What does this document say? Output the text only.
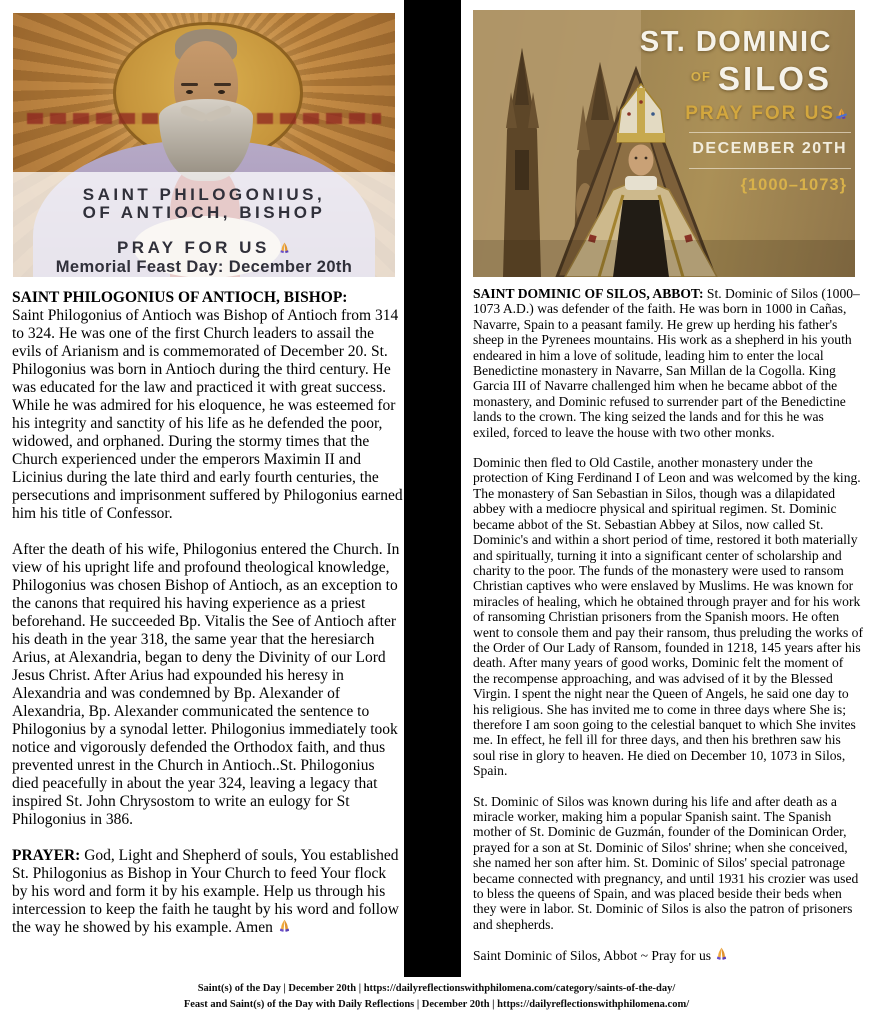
SAINT PHILOGONIUS,
OF ANTIOCH, BISHOP
PRAY FOR US
Memorial Feast Day: December 20th
ST. DOMINIC
$^{OF}$ SILOS
PRAY FOR US
DECEMBER 20TH
{1000–1073}

SAINT PHILOGONIUS OF ANTIOCH, BISHOP:
Saint Philogonius of Antioch was Bishop of Antioch from 314 to 324. He was one of the first Church leaders to assail the evils of Arianism and is commemorated of December 20. St. Philogonius was born in Antioch during the third century. He was educated for the law and practiced it with great success. While he was admired for his eloquence, he was esteemed for his integrity and sanctity of his life as he defended the poor, widowed, and orphaned. During the stormy times that the Church experienced under the emperors Maximin II and Licinius during the late third and early fourth centuries, the persecutions and imprisonment suffered by Philogonius earned him his title of Confessor.

After the death of his wife, Philogonius entered the Church. In view of his upright life and profound theological knowledge, Philogonius was chosen Bishop of Antioch, as an exception to the canons that required his having experience as a priest beforehand. He succeeded Bp. Vitalis the See of Antioch after his death in the year 318, the same year that the heresiarch Arius, at Alexandria, began to deny the Divinity of our Lord Jesus Christ. After Arius had expounded his heresy in Alexandria and was condemned by Bp. Alexander of Alexandria, Bp. Alexander communicated the sentence to Philogonius by a synodal letter. Philogonius immediately took notice and vigorously defended the Orthodox faith, and thus prevented unrest in the Church in Antioch..St. Philogonius died peacefully in about the year 324, leaving a legacy that inspired St. John Chrysostom to write an eulogy for St Philogonius in 386.

PRAYER: God, Light and Shepherd of souls, You established St. Philogonius as Bishop in Your Church to feed Your flock by his word and form it by his example. Help us through his intercession to keep the faith he taught by his word and follow the way he showed by his example. Amen

SAINT DOMINIC OF SILOS, ABBOT: St. Dominic of Silos (1000–1073 A.D.) was defender of the faith. He was born in 1000 in Cañas, Navarre, Spain to a peasant family. He grew up herding his father's sheep in the Pyrenees mountains. His work as a shepherd in his youth endeared in him a love of solitude, leading him to enter the local Benedictine monastery in Navarre, San Millan de la Cogolla. King Garcia III of Navarre challenged him when he became abbot of the monastery, and Dominic refused to surrender part of the Benedictine lands to the crown. The king seized the lands and for this he was exiled, forced to leave the house with two other monks.

Dominic then fled to Old Castile, another monastery under the protection of King Ferdinand I of Leon and was welcomed by the king. The monastery of San Sebastian in Silos, though was a dilapidated abbey with a mediocre physical and spiritual regimen. St. Dominic became abbot of the St. Sebastian Abbey at Silos, now called St. Dominic's and within a short period of time, restored it both materially and spiritually, turning it into a significant center of scholarship and charity to the poor. The funds of the monastery were used to ransom Christian captives who were enslaved by Muslims. He was known for miracles of healing, which he obtained through prayer and for his work of ransoming Christian prisoners from the Spanish moors. He often went to console them and pay their ransom, thus preluding the works of the Order of Our Lady of Ransom, founded in 1218, 145 years after his death. After many years of good works, Dominic felt the moment of the recompense approaching, and was advised of it by the Blessed Virgin. I spent the night near the Queen of Angels, he said one day to his religious. She has invited me to come in three days where She is; therefore I am soon going to the celestial banquet to which She invites me. In effect, he fell ill for three days, and then his brethren saw his soul rise in glory to heaven. He died on December 10, 1073 in Silos, Spain.

St. Dominic of Silos was known during his life and after death as a miracle worker, making him a popular Spanish saint. The Spanish mother of St. Dominic de Guzmán, founder of the Dominican Order, prayed for a son at St. Dominic of Silos' shrine; when she conceived, she named her son after him. St. Dominic of Silos' special patronage became connected with pregnancy, and until 1931 his crozier was used to bless the queens of Spain, and was placed beside their beds when they were in labor. St. Dominic of Silos is also the patron of prisoners and shepherds.

Saint Dominic of Silos, Abbot ~ Pray for us

Saint(s) of the Day | December 20th | https://dailyreflectionswithphilomena.com/category/saints-of-the-day/
Feast and Saint(s) of the Day with Daily Reflections | December 20th | https://dailyreflectionswithphilomena.com/
